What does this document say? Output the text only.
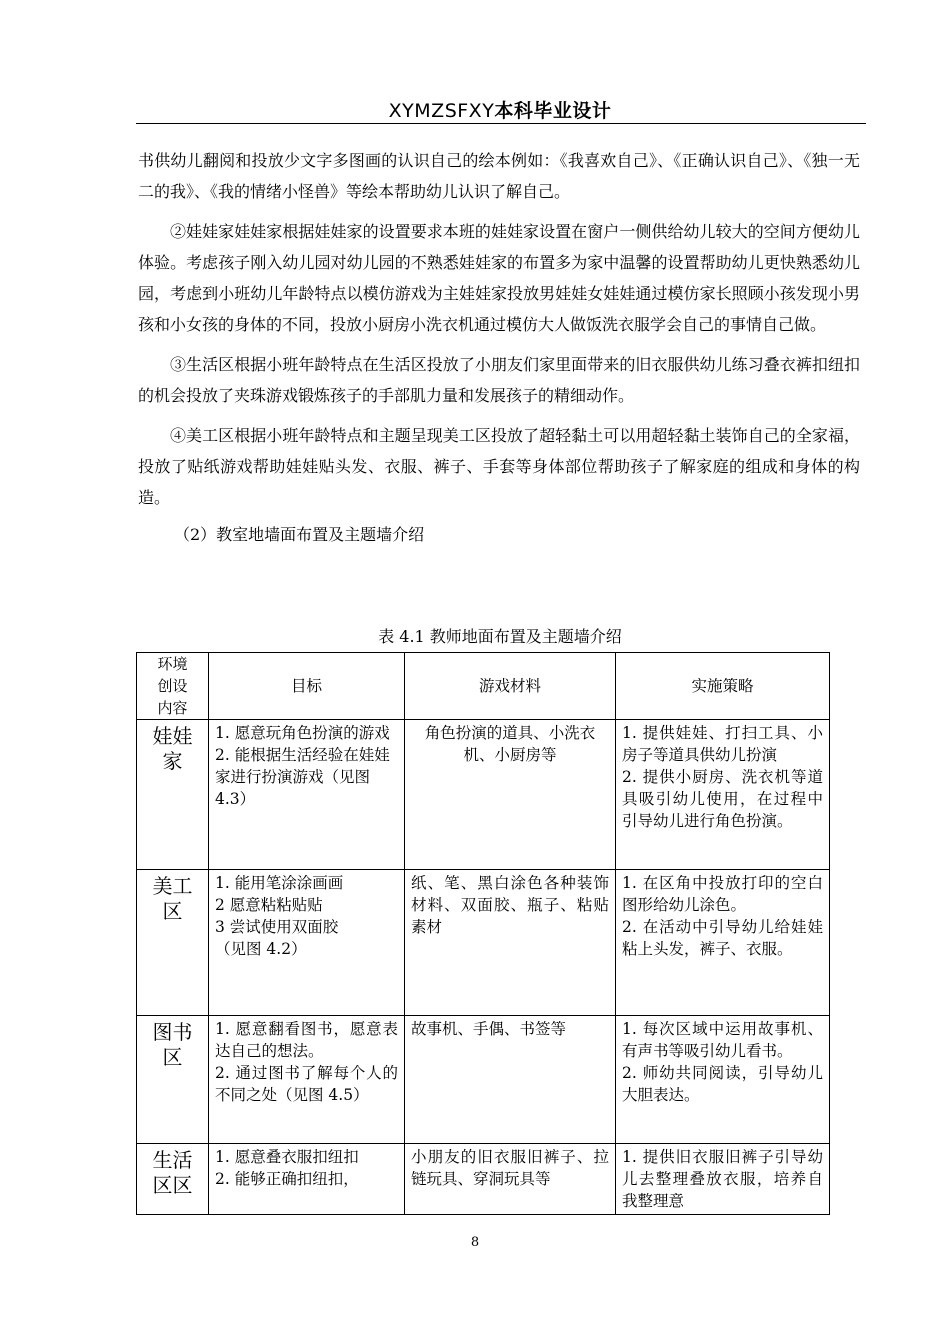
XYMZSFXY本科毕业设计

书供幼儿翻阅和投放少文字多图画的认识自己的绘本例如：《我喜欢自己》、《正确认识自己》、《独一无二的我》、《我的情绪小怪兽》等绘本帮助幼儿认识了解自己。

②娃娃家娃娃家根据娃娃家的设置要求本班的娃娃家设置在窗户一侧供给幼儿较大的空间方便幼儿体验。考虑孩子刚入幼儿园对幼儿园的不熟悉娃娃家的布置多为家中温馨的设置帮助幼儿更快熟悉幼儿园，考虑到小班幼儿年龄特点以模仿游戏为主娃娃家投放男娃娃女娃娃通过模仿家长照顾小孩发现小男孩和小女孩的身体的不同，投放小厨房小洗衣机通过模仿大人做饭洗衣服学会自己的事情自己做。

③生活区根据小班年龄特点在生活区投放了小朋友们家里面带来的旧衣服供幼儿练习叠衣裤扣纽扣的机会投放了夹珠游戏锻炼孩子的手部肌力量和发展孩子的精细动作。

④美工区根据小班年龄特点和主题呈现美工区投放了超轻黏土可以用超轻黏土装饰自己的全家福，投放了贴纸游戏帮助娃娃贴头发、衣服、裤子、手套等身体部位帮助孩子了解家庭的组成和身体的构造。

（2）教室地墙面布置及主题墙介绍

表 4.1 教师地面布置及主题墙介绍
环境
创设
内容	目标	游戏材料	实施策略

娃娃
家	1. 愿意玩角色扮演的游戏
2. 能根据生活经验在娃娃家进行扮演游戏（见图 4.3）	角色扮演的道具、小洗衣机、小厨房等	1. 提供娃娃、打扫工具、小房子等道具供幼儿扮演
2. 提供小厨房、洗衣机等道具吸引幼儿使用，在过程中引导幼儿进行角色扮演。

美工
区	1. 能用笔涂涂画画
2 愿意粘粘贴贴
3 尝试使用双面胶
（见图 4.2）	纸、笔、黑白涂色各种装饰材料、双面胶、瓶子、粘贴素材	1. 在区角中投放打印的空白图形给幼儿涂色。
2. 在活动中引导幼儿给娃娃粘上头发，裤子、衣服。

图书
区	1. 愿意翻看图书，愿意表达自己的想法。
2. 通过图书了解每个人的不同之处（见图 4.5）	故事机、手偶、书签等	1. 每次区域中运用故事机、有声书等吸引幼儿看书。
2. 师幼共同阅读，引导幼儿大胆表达。

生活
区区	1. 愿意叠衣服扣纽扣
2. 能够正确扣纽扣，	小朋友的旧衣服旧裤子、拉链玩具、穿洞玩具等	1. 提供旧衣服旧裤子引导幼儿去整理叠放衣服，培养自我整理意
8
